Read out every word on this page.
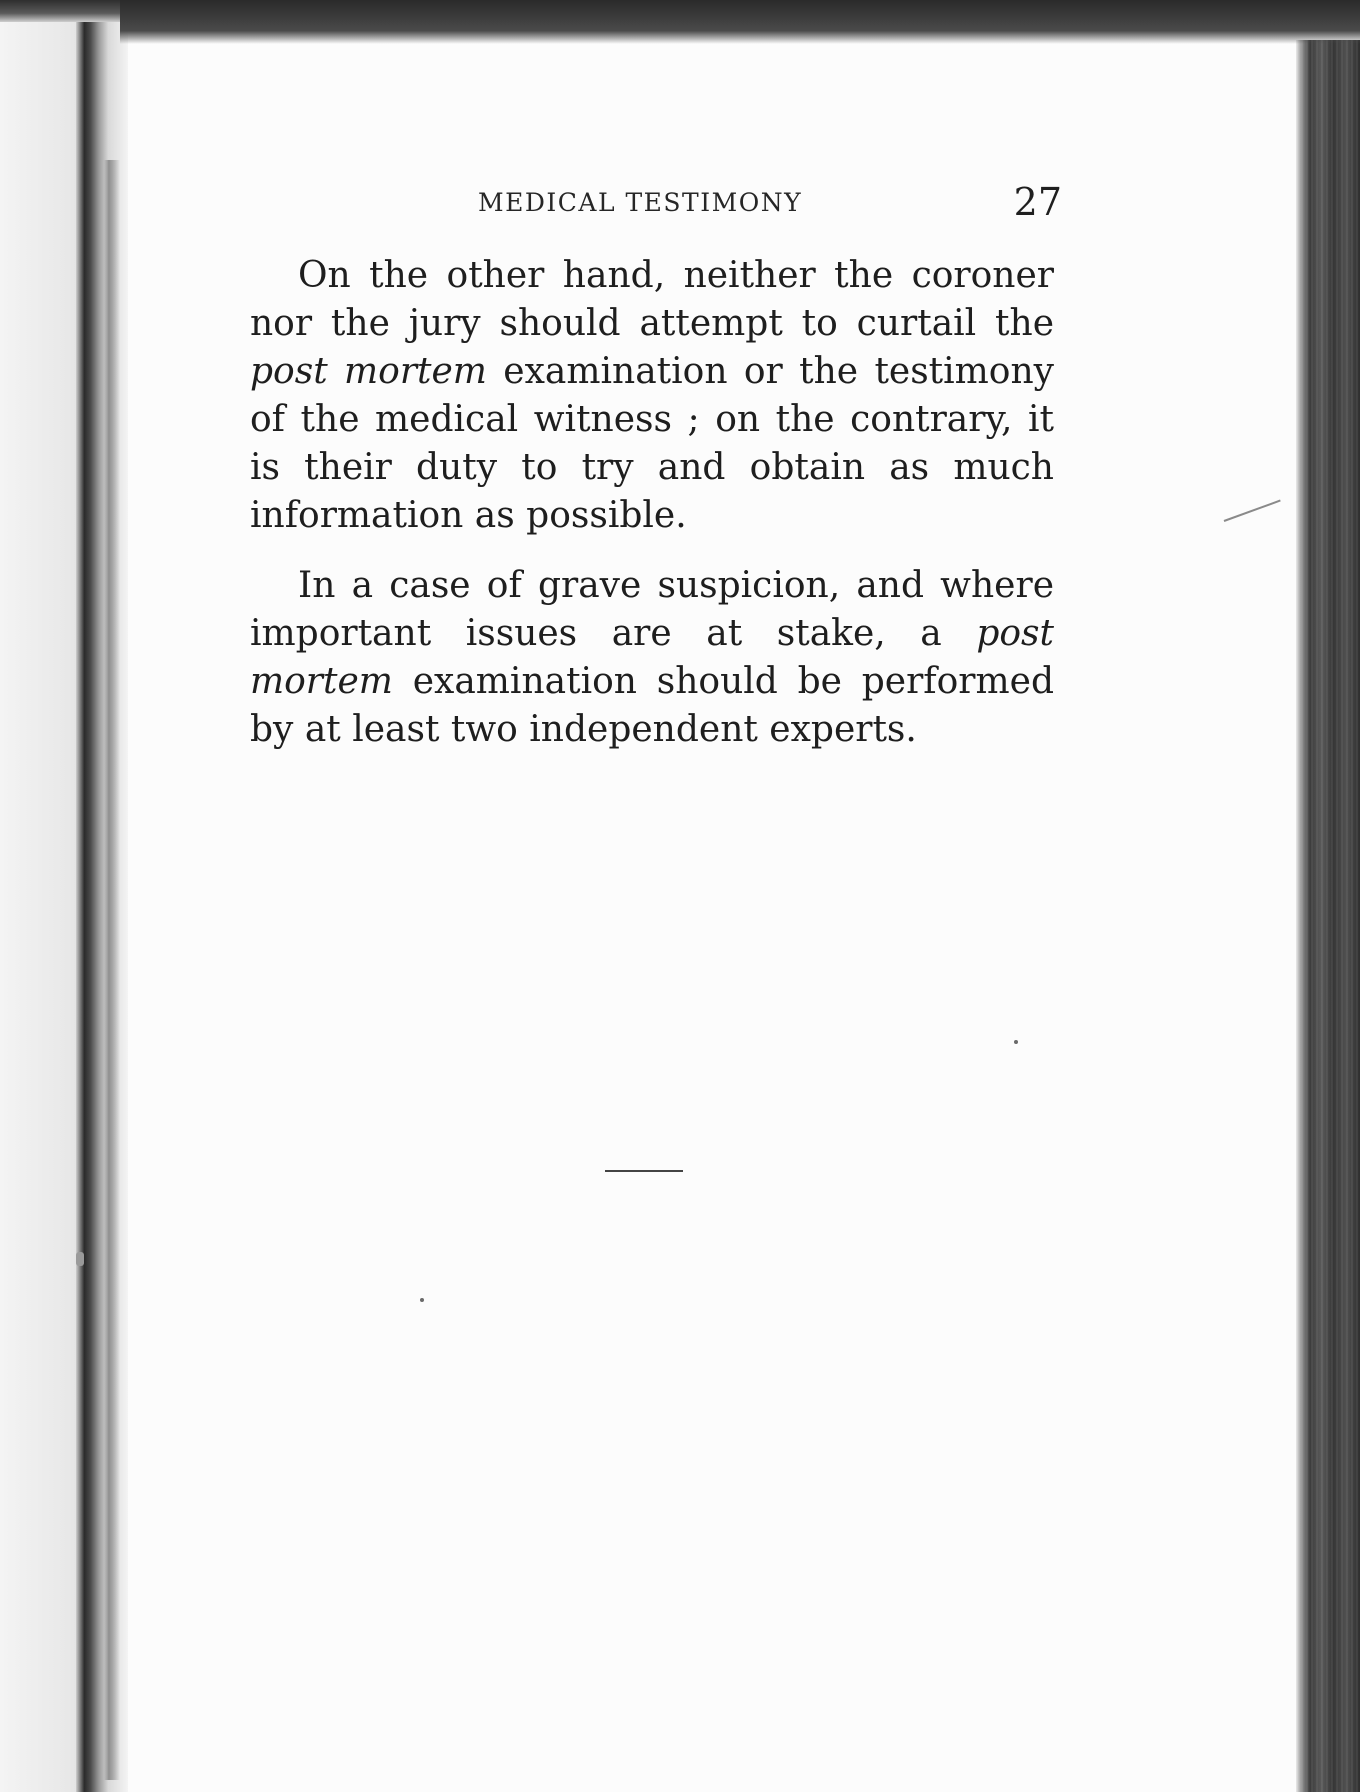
MEDICAL TESTIMONY	27

On the other hand, neither the coroner nor the jury should attempt to curtail the post mortem examination or the testimony of the medical witness ; on the contrary, it is their duty to try and obtain as much information as possible.

In a case of grave suspicion, and where important issues are at stake, a post mortem examination should be performed by at least two independent experts.
